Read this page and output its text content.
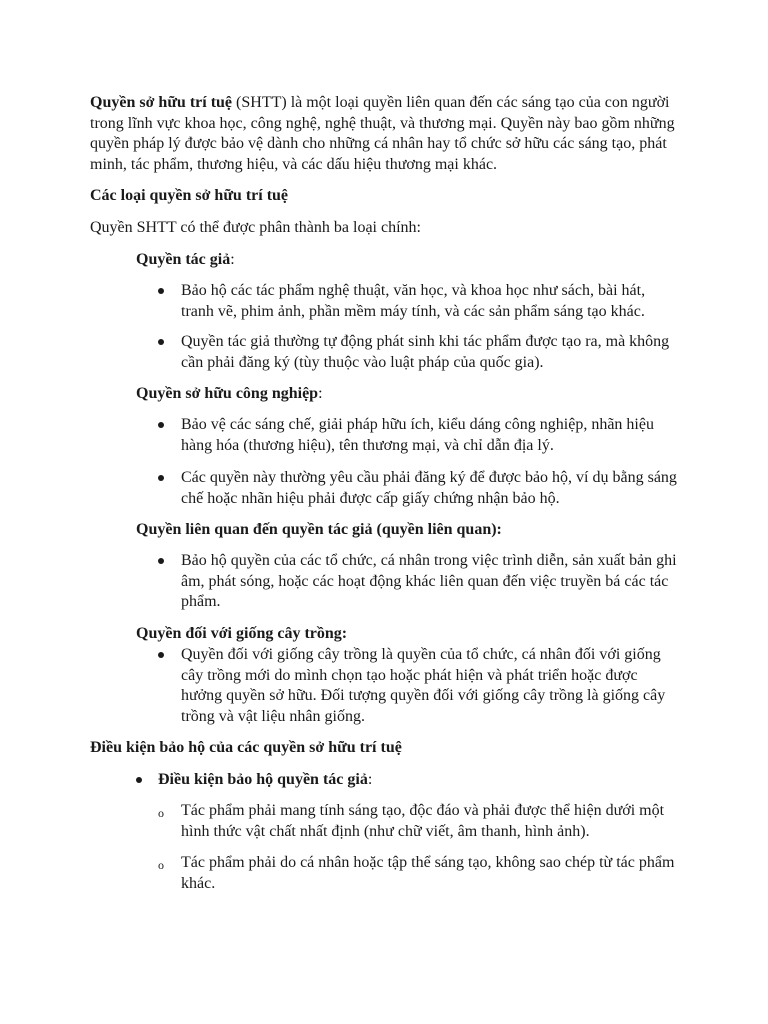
Quyền sở hữu trí tuệ (SHTT) là một loại quyền liên quan đến các sáng tạo của con người trong lĩnh vực khoa học, công nghệ, nghệ thuật, và thương mại. Quyền này bao gồm những quyền pháp lý được bảo vệ dành cho những cá nhân hay tổ chức sở hữu các sáng tạo, phát minh, tác phẩm, thương hiệu, và các dấu hiệu thương mại khác.

Các loại quyền sở hữu trí tuệ

Quyền SHTT có thể được phân thành ba loại chính:

Quyền tác giả:

Bảo hộ các tác phẩm nghệ thuật, văn học, và khoa học như sách, bài hát, tranh vẽ, phim ảnh, phần mềm máy tính, và các sản phẩm sáng tạo khác.

Quyền tác giả thường tự động phát sinh khi tác phẩm được tạo ra, mà không cần phải đăng ký (tùy thuộc vào luật pháp của quốc gia).

Quyền sở hữu công nghiệp:

Bảo vệ các sáng chế, giải pháp hữu ích, kiểu dáng công nghiệp, nhãn hiệu hàng hóa (thương hiệu), tên thương mại, và chỉ dẫn địa lý.

Các quyền này thường yêu cầu phải đăng ký để được bảo hộ, ví dụ bằng sáng chế hoặc nhãn hiệu phải được cấp giấy chứng nhận bảo hộ.

Quyền liên quan đến quyền tác giả (quyền liên quan):

Bảo hộ quyền của các tổ chức, cá nhân trong việc trình diễn, sản xuất bản ghi âm, phát sóng, hoặc các hoạt động khác liên quan đến việc truyền bá các tác phẩm.

Quyền đối với giống cây trồng:

Quyền đối với giống cây trồng là quyền của tổ chức, cá nhân đối với giống cây trồng mới do mình chọn tạo hoặc phát hiện và phát triển hoặc được hưởng quyền sở hữu. Đối tượng quyền đối với giống cây trồng là giống cây trồng và vật liệu nhân giống.

Điều kiện bảo hộ của các quyền sở hữu trí tuệ

Điều kiện bảo hộ quyền tác giả:

o Tác phẩm phải mang tính sáng tạo, độc đáo và phải được thể hiện dưới một hình thức vật chất nhất định (như chữ viết, âm thanh, hình ảnh).

o Tác phẩm phải do cá nhân hoặc tập thể sáng tạo, không sao chép từ tác phẩm khác.
